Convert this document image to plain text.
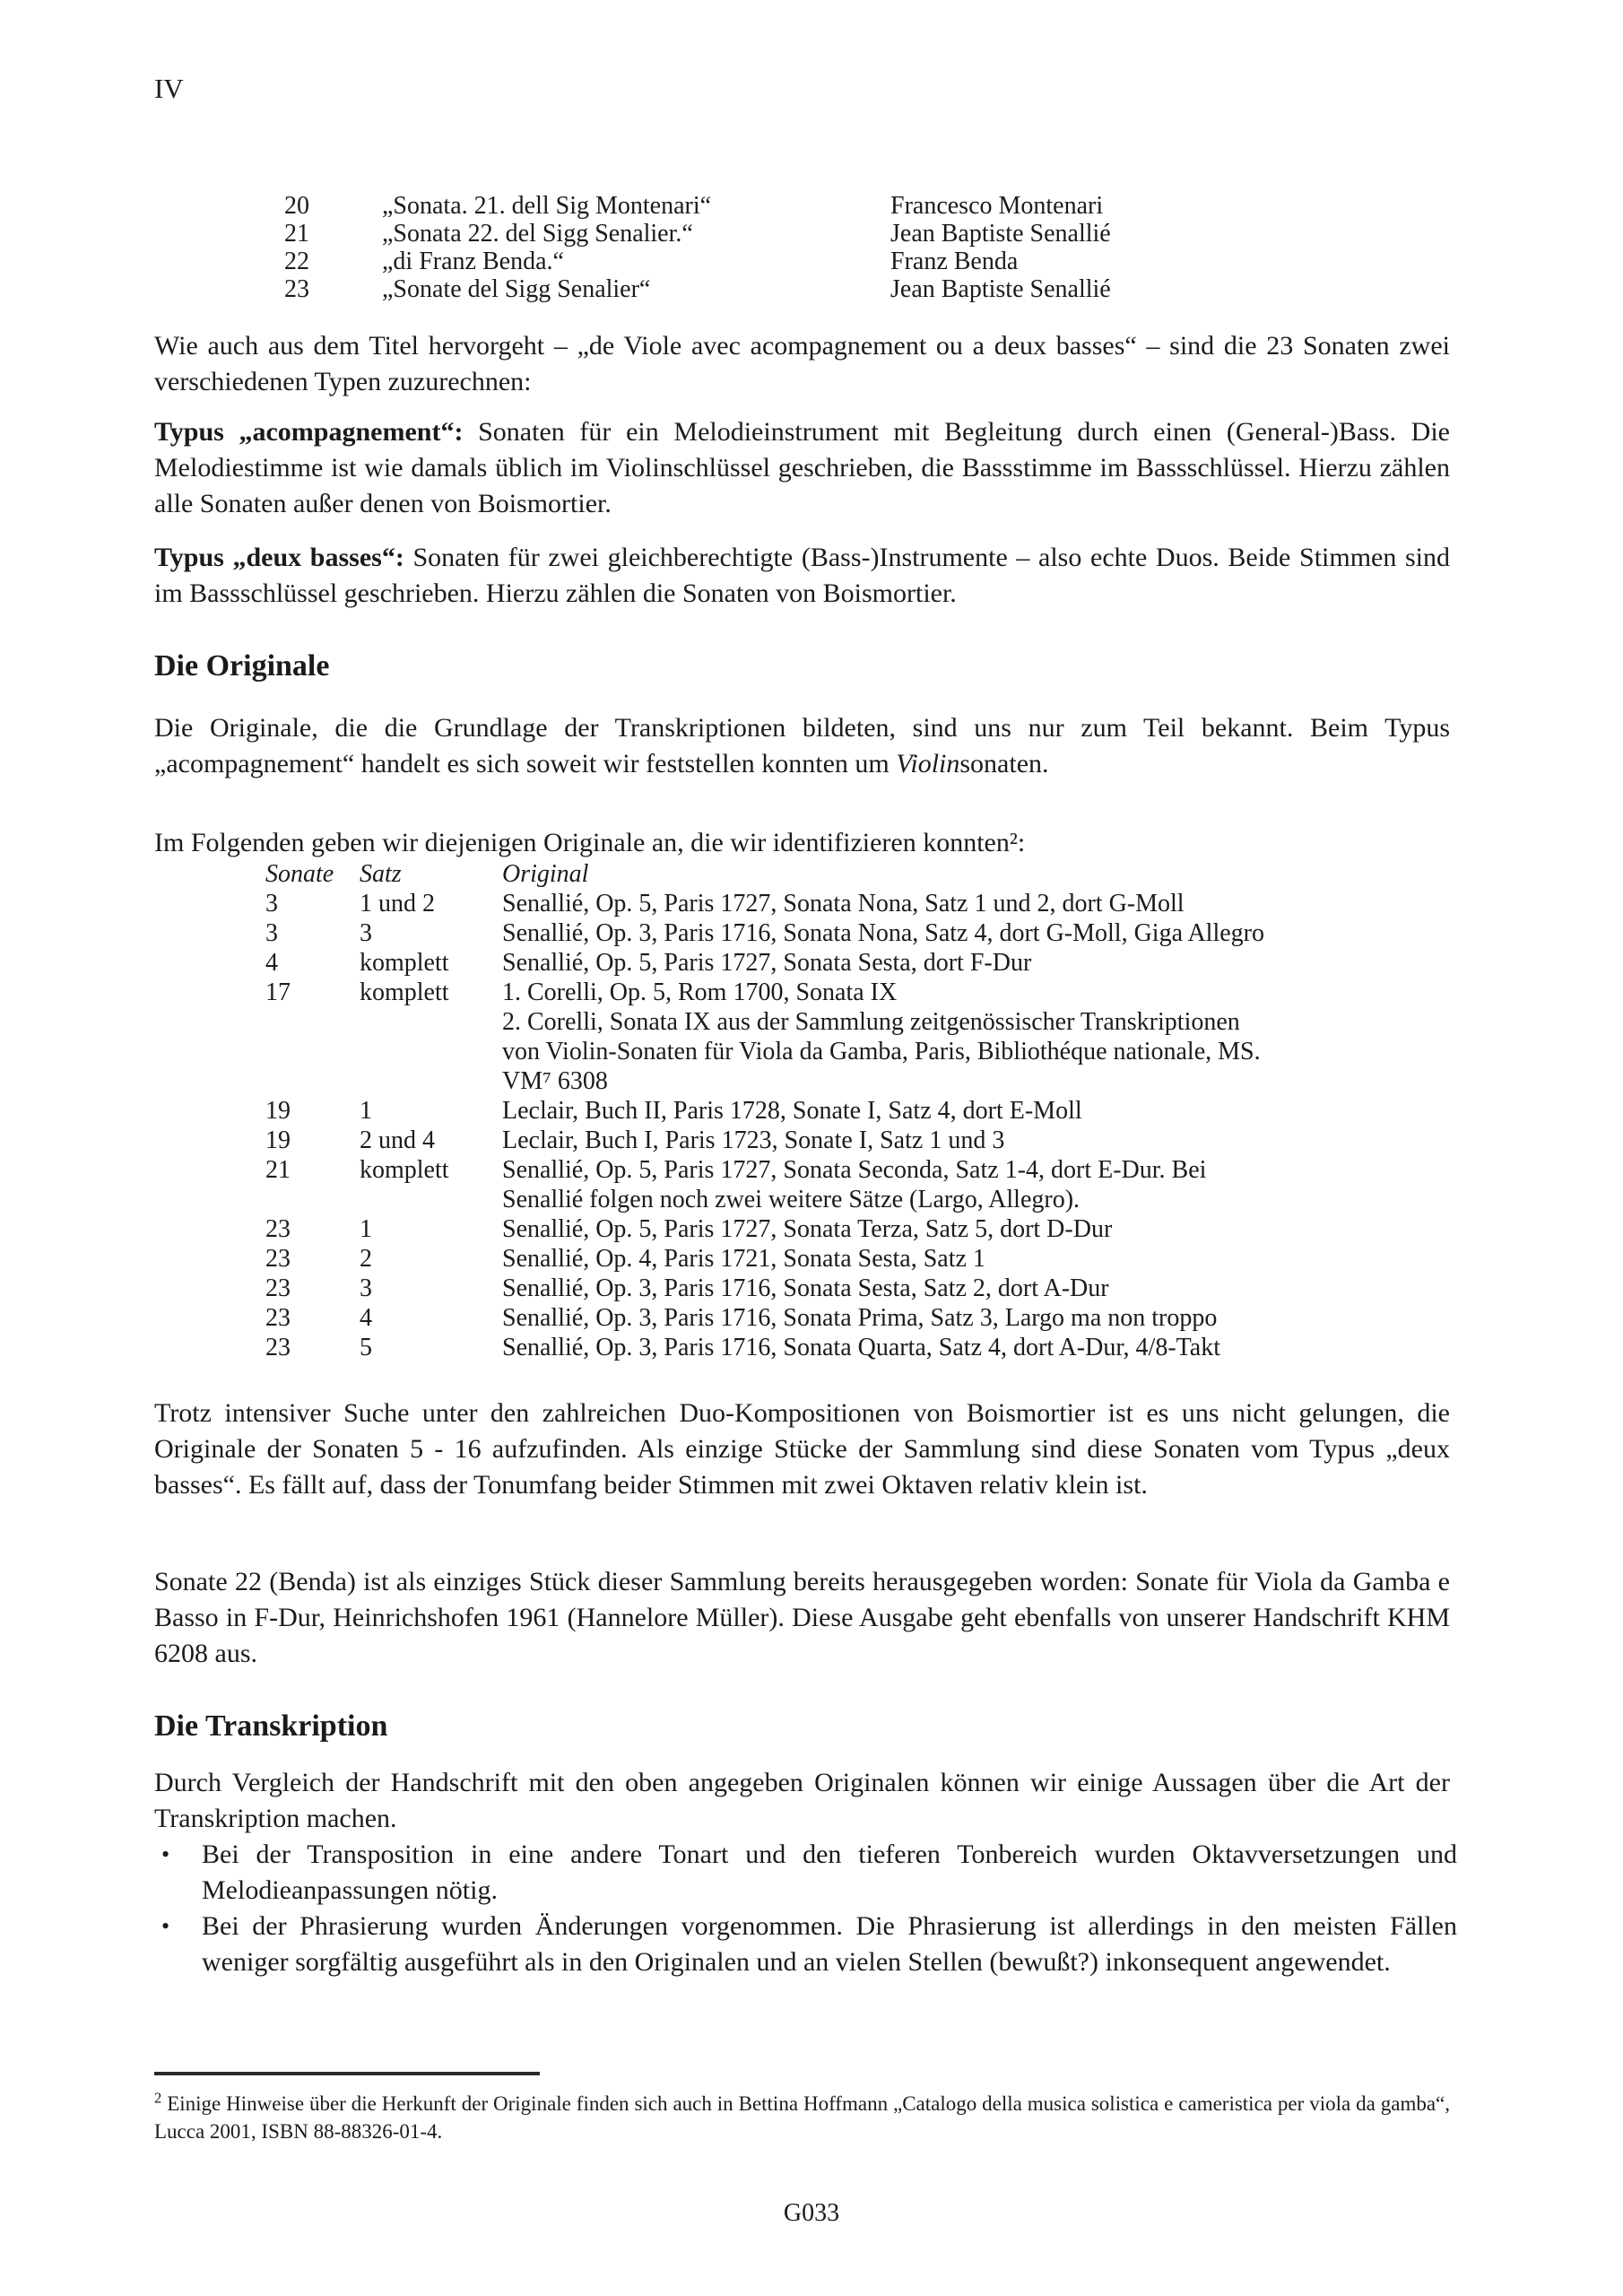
IV
20	„Sonata. 21. dell Sig Montenari“	Francesco Montenari
21	„Sonata 22. del Sigg Senalier.“	Jean Baptiste Senallié
22	„di Franz Benda.“	Franz Benda
23	„Sonate del Sigg Senalier“	Jean Baptiste Senallié
Wie auch aus dem Titel hervorgeht – „de Viole avec acompagnement ou a deux basses“ – sind die 23 Sonaten zwei verschiedenen Typen zuzurechnen:
Typus „acompagnement“: Sonaten für ein Melodieinstrument mit Begleitung durch einen (General-)Bass. Die Melodiestimme ist wie damals üblich im Violinschlüssel geschrieben, die Bassstimme im Bassschlüssel. Hierzu zählen alle Sonaten außer denen von Boismortier.
Typus „deux basses“: Sonaten für zwei gleichberechtigte (Bass-)Instrumente – also echte Duos. Beide Stimmen sind im Bassschlüssel geschrieben. Hierzu zählen die Sonaten von Boismortier.
Die Originale
Die Originale, die die Grundlage der Transkriptionen bildeten, sind uns nur zum Teil bekannt. Beim Typus „acompagnement“ handelt es sich soweit wir feststellen konnten um Violinsonaten.
Im Folgenden geben wir diejenigen Originale an, die wir identifizieren konnten²:
Sonate	Satz	Original
3	1 und 2	Senallié, Op. 5, Paris 1727, Sonata Nona, Satz 1 und 2, dort G-Moll
3	3	Senallié, Op. 3, Paris 1716, Sonata Nona, Satz 4, dort G-Moll, Giga Allegro
4	komplett	Senallié, Op. 5, Paris 1727, Sonata Sesta, dort F-Dur
17	komplett	1. Corelli, Op. 5, Rom 1700, Sonata IX
2. Corelli, Sonata IX aus der Sammlung zeitgenössischer Transkriptionen
von Violin-Sonaten für Viola da Gamba, Paris, Bibliothéque nationale, MS.
VM⁷ 6308
19	1	Leclair, Buch II, Paris 1728, Sonate I, Satz 4, dort E-Moll
19	2 und 4	Leclair, Buch I, Paris 1723, Sonate I, Satz 1 und 3
21	komplett	Senallié, Op. 5, Paris 1727, Sonata Seconda, Satz 1-4, dort E-Dur. Bei
Senallié folgen noch zwei weitere Sätze (Largo, Allegro).
23	1	Senallié, Op. 5, Paris 1727, Sonata Terza, Satz 5, dort D-Dur
23	2	Senallié, Op. 4, Paris 1721, Sonata Sesta, Satz 1
23	3	Senallié, Op. 3, Paris 1716, Sonata Sesta, Satz 2, dort A-Dur
23	4	Senallié, Op. 3, Paris 1716, Sonata Prima, Satz 3, Largo ma non troppo
23	5	Senallié, Op. 3, Paris 1716, Sonata Quarta, Satz 4, dort A-Dur, 4/8-Takt
Trotz intensiver Suche unter den zahlreichen Duo-Kompositionen von Boismortier ist es uns nicht gelungen, die Originale der Sonaten 5 - 16 aufzufinden. Als einzige Stücke der Sammlung sind diese Sonaten vom Typus „deux basses“. Es fällt auf, dass der Tonumfang beider Stimmen mit zwei Oktaven relativ klein ist.
Sonate 22 (Benda) ist als einziges Stück dieser Sammlung bereits herausgegeben worden: Sonate für Viola da Gamba e Basso in F-Dur, Heinrichshofen 1961 (Hannelore Müller). Diese Ausgabe geht ebenfalls von unserer Handschrift KHM 6208 aus.
Die Transkription
Durch Vergleich der Handschrift mit den oben angegeben Originalen können wir einige Aussagen über die Art der Transkription machen.
•	Bei der Transposition in eine andere Tonart und den tieferen Tonbereich wurden Oktavversetzungen und Melodieanpassungen nötig.
•	Bei der Phrasierung wurden Änderungen vorgenommen. Die Phrasierung ist allerdings in den meisten Fällen weniger sorgfältig ausgeführt als in den Originalen und an vielen Stellen (bewußt?) inkonsequent angewendet.
$^2$ Einige Hinweise über die Herkunft der Originale finden sich auch in Bettina Hoffmann „Catalogo della musica solistica e cameristica per viola da gamba“, Lucca 2001, ISBN 88-88326-01-4.
G033
